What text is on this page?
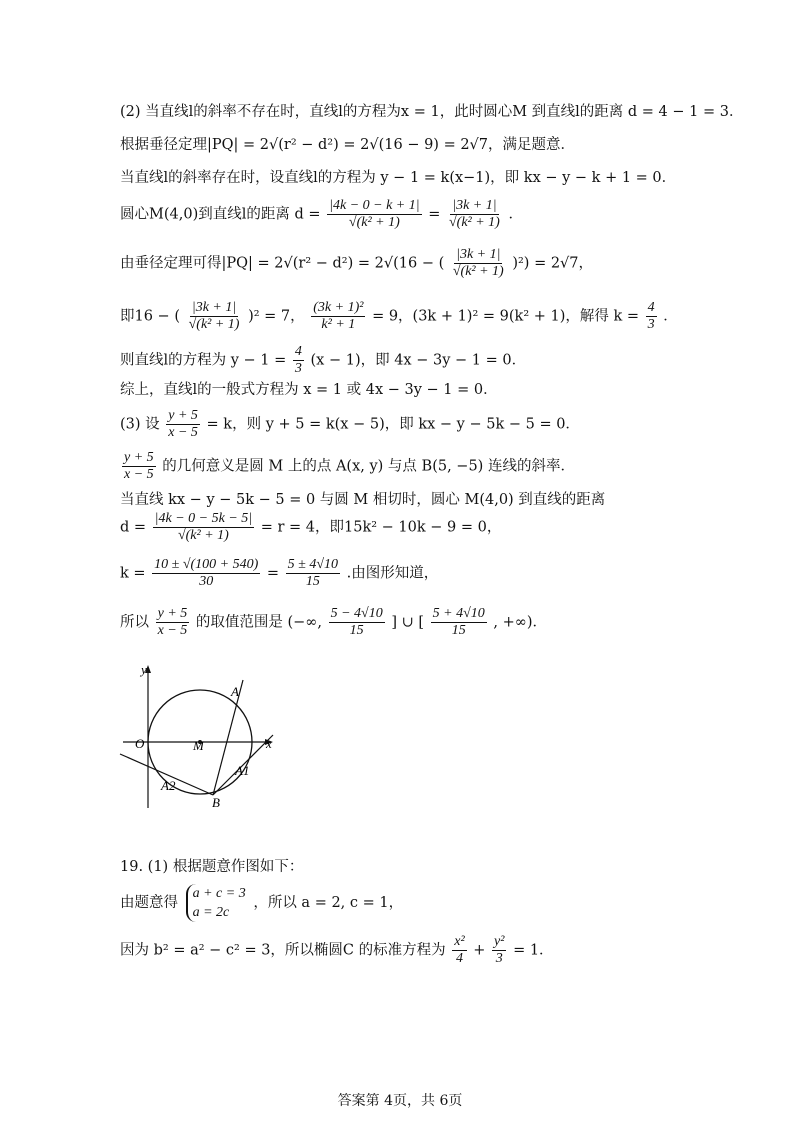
(2) 当直线l的斜率不存在时，直线l的方程为x = 1，此时圆心M 到直线l的距离 d = 4 − 1 = 3．
根据垂径定理|PQ| = 2√(r² − d²) = 2√(16 − 9) = 2√7，满足题意．
当直线l的斜率存在时，设直线l的方程为 y − 1 = k(x−1)，即 kx − y − k + 1 = 0．
圆心M(4,0)到直线l的距离 $d = \frac{|4k - 0 - k + 1|}{\text{√(k² + 1)}} = \frac{|3k + 1|}{\text{√(k² + 1)}}$ ．
由垂径定理可得|PQ| = 2√(r² − d²) = 2√(16 − ( $\frac{|3k + 1|}{\text{√(k² + 1)}} )^2) = 2√7$，
即16 − ( $\frac{|3k + 1|}{\text{√(k² + 1)}} )^2 = 7$， $\frac{\text{(3k + 1)²}}{\text{k² + 1}} = 9$，(3k + 1)² = 9(k² + 1)，解得 $k = \frac{4}{3}$ ．
则直线l的方程为 $y - 1 = \frac{4}{3} (x - 1)$，即 4x − 3y − 1 = 0．
综上，直线l的一般式方程为 x = 1 或 4x − 3y − 1 = 0．
(3) 设 $\frac{y + 5}{x - 5} = k$，则 y + 5 = k(x − 5)，即 kx − y − 5k − 5 = 0．
$\frac{y + 5}{x - 5}$ 的几何意义是圆 M 上的点 A(x, y) 与点 B(5, −5) 连线的斜率．
当直线 kx − y − 5k − 5 = 0 与圆 M 相切时，圆心 M(4,0) 到直线的距离
$d = \frac{|4k - 0 - 5k - 5|}{\text{√(k² + 1)}} = r = 4$，即15k² − 10k − 9 = 0，
$k = \frac{10 \pm √(100 + 540)}{30} = \frac{5 \pm 4√10}{15}$ .由图形知道，
所以 $\frac{y + 5}{x - 5}$ 的取值范围是 (−∞, $\frac{5 - 4√10}{15}$ ] ∪ [ $\frac{5 + 4√10}{15}$ , +∞)．
y
x
O	M
A
A1
A2
B
19. (1) 根据题意作图如下：
由题意得
a + c = 3
a = 2c
，所以 a = 2, c = 1，
因为 b² = a² − c² = 3，所以椭圆C 的标准方程为 $\frac{\text{x²}}{4} + \frac{\text{y²}}{3} = 1$．
答案第 4页，共 6页
